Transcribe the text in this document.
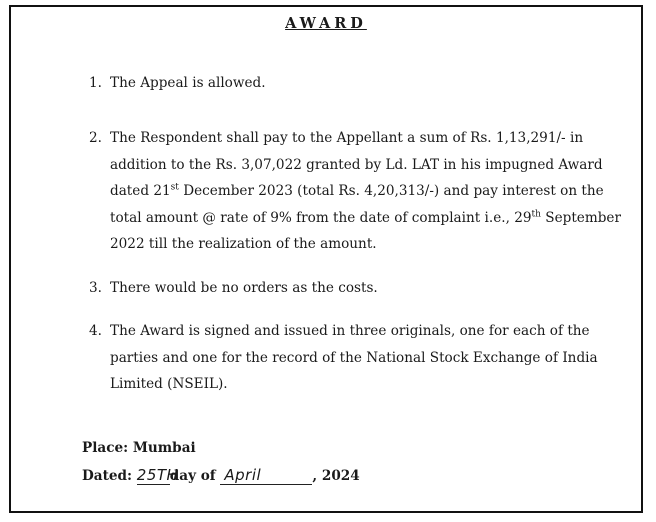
AWARD
1. The Appeal is allowed.
2. The Respondent shall pay to the Appellant a sum of Rs. 1,13,291/- in addition to the Rs. 3,07,022 granted by Ld. LAT in his impugned Award dated 21st December 2023 (total Rs. 4,20,313/-) and pay interest on the total amount @ rate of 9% from the date of complaint i.e., 29th September 2022 till the realization of the amount.
3. There would be no orders as the costs.
4. The Award is signed and issued in three originals, one for each of the parties and one for the record of the National Stock Exchange of India Limited (NSEIL).
Place: Mumbai
Dated: 25THday of April	, 2024
